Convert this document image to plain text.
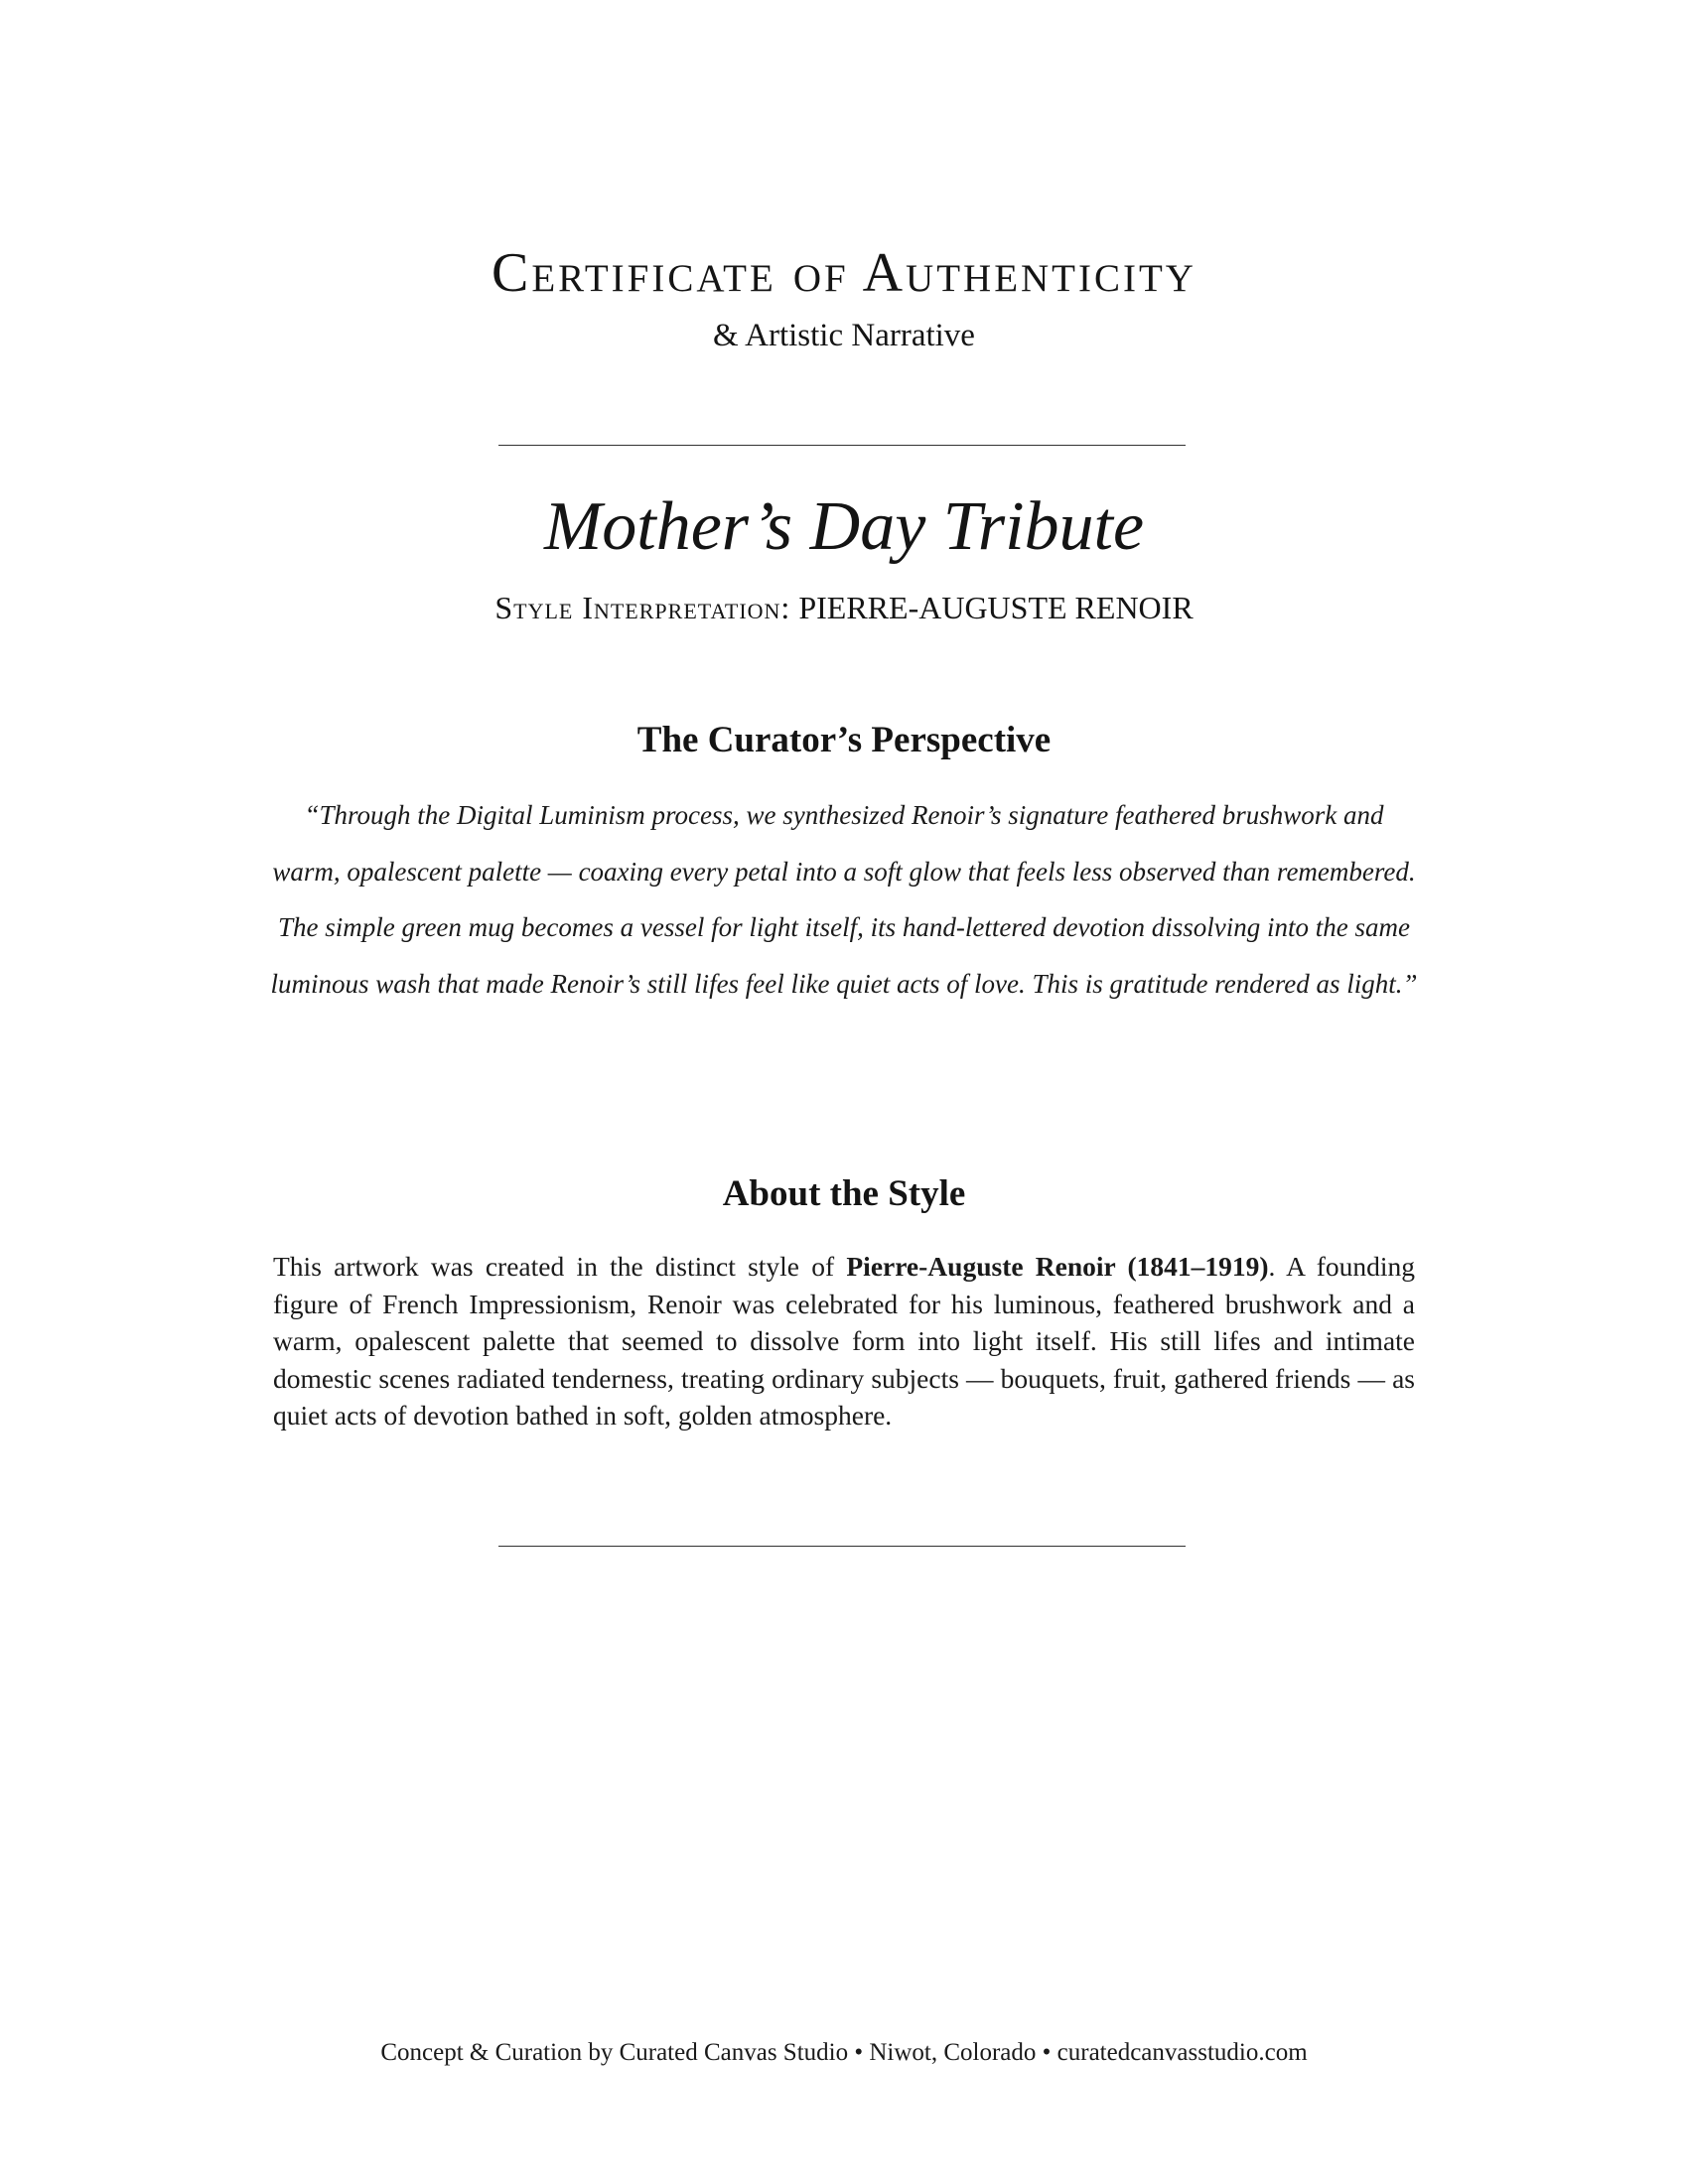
Certificate of Authenticity
& Artistic Narrative
Mother’s Day Tribute
Style Interpretation: PIERRE-AUGUSTE RENOIR
The Curator’s Perspective
“Through the Digital Luminism process, we synthesized Renoir’s signature feathered brushwork and warm, opalescent palette — coaxing every petal into a soft glow that feels less observed than remembered. The simple green mug becomes a vessel for light itself, its hand-lettered devotion dissolving into the same luminous wash that made Renoir’s still lifes feel like quiet acts of love. This is gratitude rendered as light.”
About the Style
This artwork was created in the distinct style of Pierre-Auguste Renoir (1841–1919). A founding figure of French Impressionism, Renoir was celebrated for his luminous, feathered brushwork and a warm, opalescent palette that seemed to dissolve form into light itself. His still lifes and intimate domestic scenes radiated tenderness, treating ordinary subjects — bouquets, fruit, gathered friends — as quiet acts of devotion bathed in soft, golden atmosphere.
Concept & Curation by Curated Canvas Studio • Niwot, Colorado • curatedcanvasstudio.com
